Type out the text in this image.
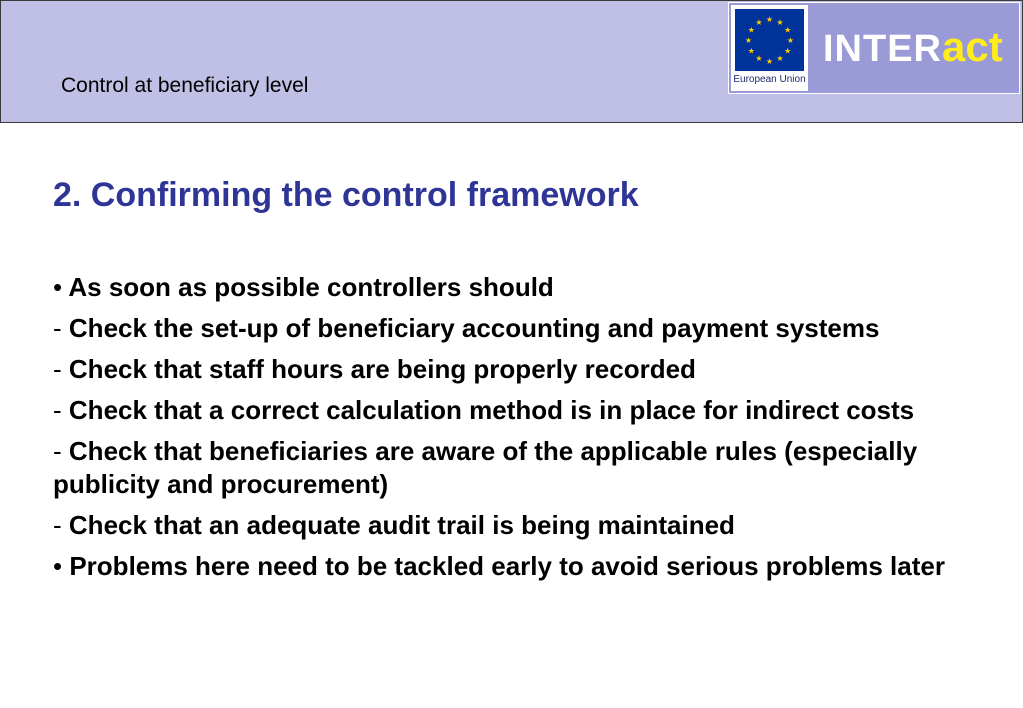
Control at beneficiary level
★ ★
★
★
★
★
★
★
★
★
★
★
European Union
INTERact
2. Confirming the control framework
• As soon as possible controllers should
- Check the set-up of beneficiary accounting and payment systems
- Check that staff hours are being properly recorded
- Check that a correct calculation method is in place for indirect costs
- Check that beneficiaries are aware of the applicable rules (especially publicity and procurement)
- Check that an adequate audit trail is being maintained
• Problems here need to be tackled early to avoid serious problems later
